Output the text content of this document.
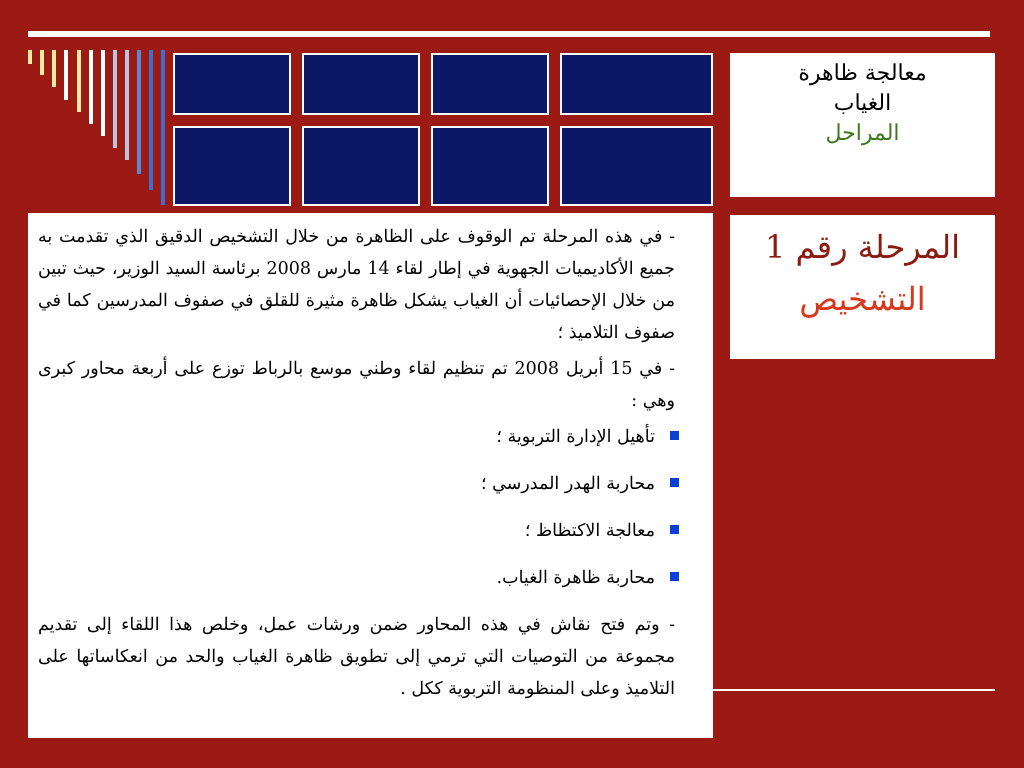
معالجة ظاهرة
الغياب
المراحل
المرحلة رقم 1
التشخيص

- في هذه المرحلة تم الوقوف على الظاهرة من خلال التشخيص الدقيق الذي تقدمت به جميع الأكاديميات الجهوية في إطار لقاء 14 مارس 2008 برئاسة السيد الوزير، حيث تبين من خلال الإحصائيات أن الغياب يشكل ظاهرة مثيرة للقلق في صفوف المدرسين كما في صفوف التلاميذ ؛

- في 15 أبريل 2008 تم تنظيم لقاء وطني موسع بالرباط توزع على أربعة محاور كبرى وهي :

تأهيل الإدارة التربوية ؛
محاربة الهدر المدرسي ؛
معالجة الاكتظاظ ؛
محاربة ظاهرة الغياب.

- وتم فتح نقاش في هذه المحاور ضمن ورشات عمل، وخلص هذا اللقاء إلى تقديم مجموعة من التوصيات التي ترمي إلى تطويق ظاهرة الغياب والحد من انعكاساتها على التلاميذ وعلى المنظومة التربوية ككل .
